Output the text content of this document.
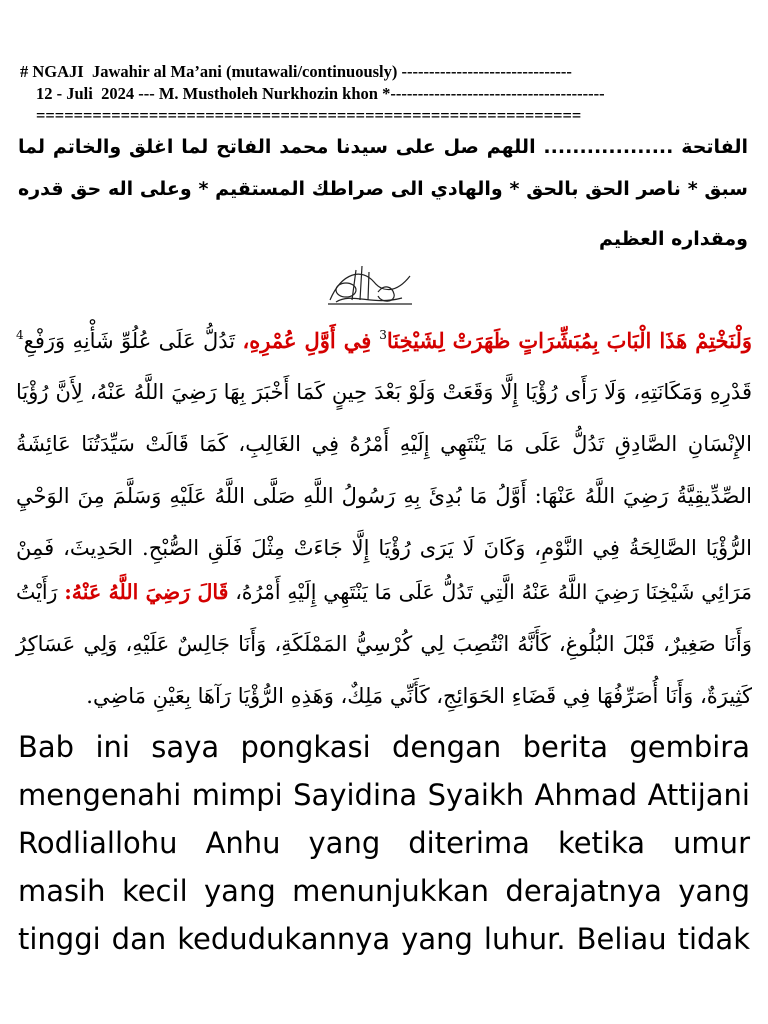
# NGAJI  Jawahir al Ma’ani (mutawali/continuously) -------------------------------
12 - Juli  2024 --- M. Mustholeh Nurkhozin khon *---------------------------------------
==========================================================
الفاتحة .................. اللهم صل على سيدنا محمد الفاتح لما اغلق والخاتم لما
سبق * ناصر الحق بالحق * والهادي الى صراطك المستقيم * وعلى اله حق قدره
ومقداره العظيم
وَلْنَخْتِمْ هَذَا الْبَابَ بِمُبَشِّرَاتٍ ظَهَرَتْ لِشَيْخِنَا$^3$ فِي أَوَّلِ عُمْرِهِ، تَدُلُّ عَلَى عُلُوِّ شَأْنِهِ وَرَفْعِ$^4$
قَدْرِهِ وَمَكَانَتِهِ، وَلَا رَأَى رُؤْيَا إِلَّا وَقَعَتْ وَلَوْ بَعْدَ حِينٍ كَمَا أَخْبَرَ بِهَا رَضِيَ اللَّهُ عَنْهُ، لِأَنَّ رُؤْيَا
الإِنْسَانِ الصَّادِقِ تَدُلُّ عَلَى مَا يَنْتَهِي إِلَيْهِ أَمْرُهُ فِي الغَالِبِ، كَمَا قَالَتْ سَيِّدَتُنَا عَائِشَةُ
الصِّدِّيقِيَّةُ رَضِيَ اللَّهُ عَنْهَا: أَوَّلُ مَا بُدِئَ بِهِ رَسُولُ اللَّهِ صَلَّى اللَّهُ عَلَيْهِ وَسَلَّمَ مِنَ الوَحْيِ
الرُّؤْيَا الصَّالِحَةُ فِي النَّوْمِ، وَكَانَ لَا يَرَى رُؤْيَا إِلَّا جَاءَتْ مِثْلَ فَلَقِ الصُّبْحِ. الحَدِيثَ، فَمِنْ
مَرَائِي شَيْخِنَا رَضِيَ اللَّهُ عَنْهُ الَّتِي تَدُلُّ عَلَى مَا يَنْتَهِي إِلَيْهِ أَمْرُهُ، قَالَ رَضِيَ اللَّهُ عَنْهُ: رَأَيْتُ
وَأَنَا صَغِيرٌ، قَبْلَ البُلُوغِ، كَأَنَّهُ انْتُصِبَ لِي كُرْسِيُّ المَمْلَكَةِ، وَأَنَا جَالِسٌ عَلَيْهِ، وَلِي عَسَاكِرُ
كَثِيرَةٌ، وَأَنَا أُصَرِّفُهَا فِي قَضَاءِ الحَوَائِجِ، كَأَنِّي مَلِكٌ، وَهَذِهِ الرُّؤْيَا رَآهَا بِعَيْنِ مَاضِي.
Bab ini saya pongkasi dengan berita gembira
mengenahi mimpi Sayidina Syaikh Ahmad Attijani
Rodliallohu Anhu yang diterima ketika umur
masih kecil yang menunjukkan derajatnya yang
tinggi dan kedudukannya yang luhur. Beliau tidak
